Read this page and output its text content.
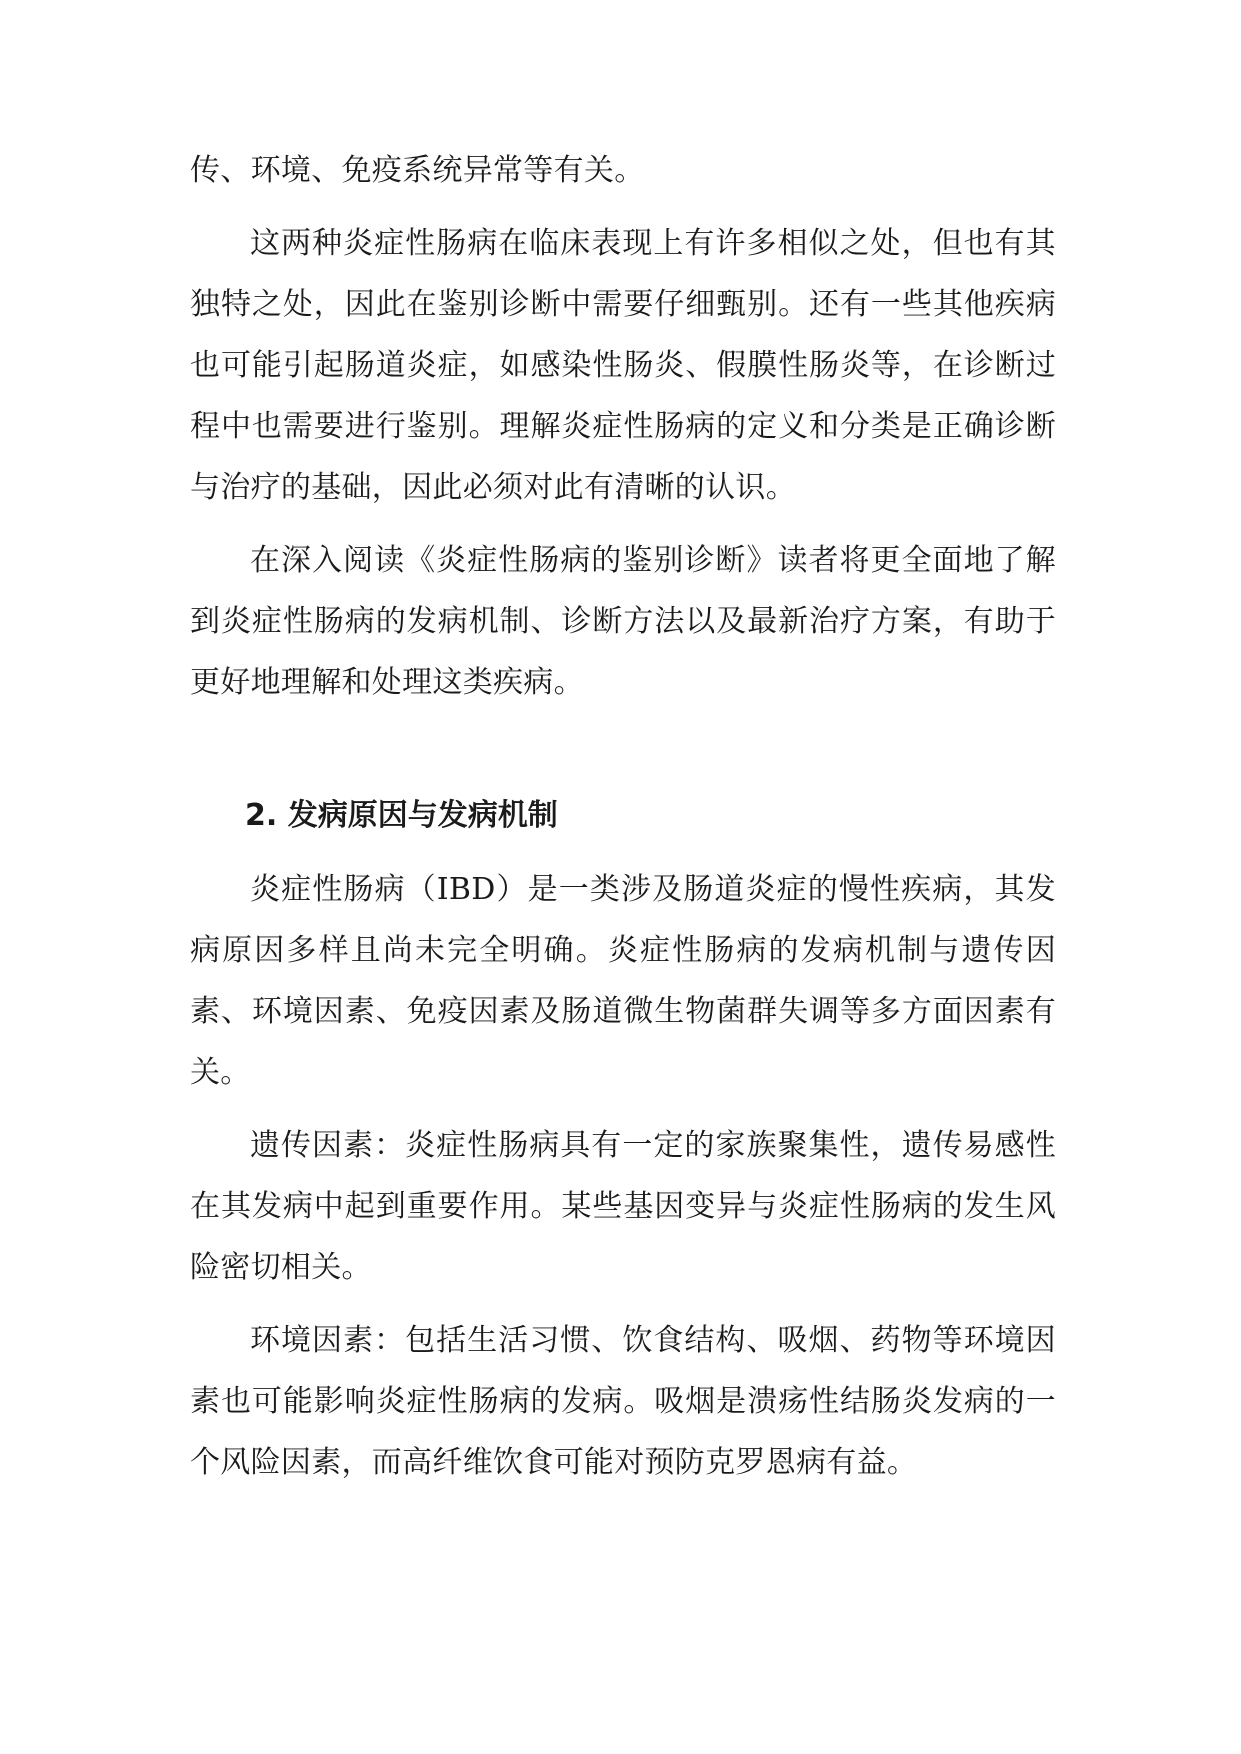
传、环境、免疫系统异常等有关。

这两种炎症性肠病在临床表现上有许多相似之处，但也有其独特之处，因此在鉴别诊断中需要仔细甄别。还有一些其他疾病也可能引起肠道炎症，如感染性肠炎、假膜性肠炎等，在诊断过程中也需要进行鉴别。理解炎症性肠病的定义和分类是正确诊断与治疗的基础，因此必须对此有清晰的认识。

在深入阅读《炎症性肠病的鉴别诊断》读者将更全面地了解到炎症性肠病的发病机制、诊断方法以及最新治疗方案，有助于更好地理解和处理这类疾病。

2. 发病原因与发病机制

炎症性肠病（IBD）是一类涉及肠道炎症的慢性疾病，其发病原因多样且尚未完全明确。炎症性肠病的发病机制与遗传因素、环境因素、免疫因素及肠道微生物菌群失调等多方面因素有关。

遗传因素：炎症性肠病具有一定的家族聚集性，遗传易感性在其发病中起到重要作用。某些基因变异与炎症性肠病的发生风险密切相关。

环境因素：包括生活习惯、饮食结构、吸烟、药物等环境因素也可能影响炎症性肠病的发病。吸烟是溃疡性结肠炎发病的一个风险因素，而高纤维饮食可能对预防克罗恩病有益。
